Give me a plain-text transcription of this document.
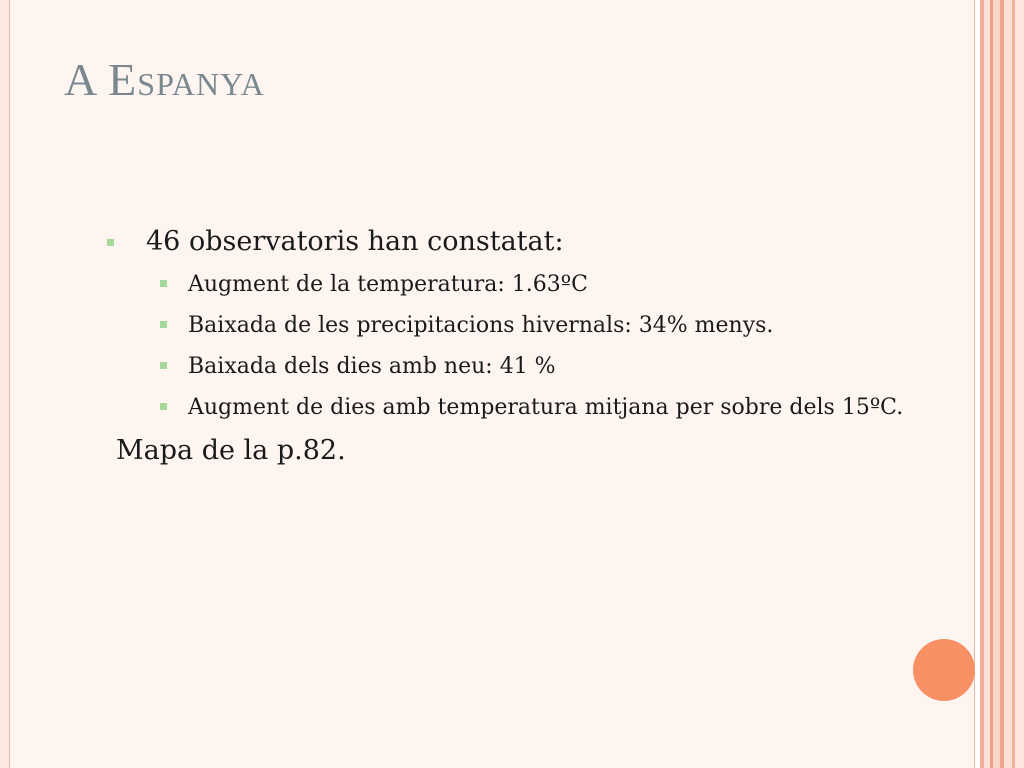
A Espanya
46 observatoris han constatat:
Augment de la temperatura: 1.63ºC
Baixada de les precipitacions hivernals: 34% menys.
Baixada dels dies amb neu: 41 %
Augment de dies amb temperatura mitjana per sobre dels 15ºC.
Mapa de la p.82.
